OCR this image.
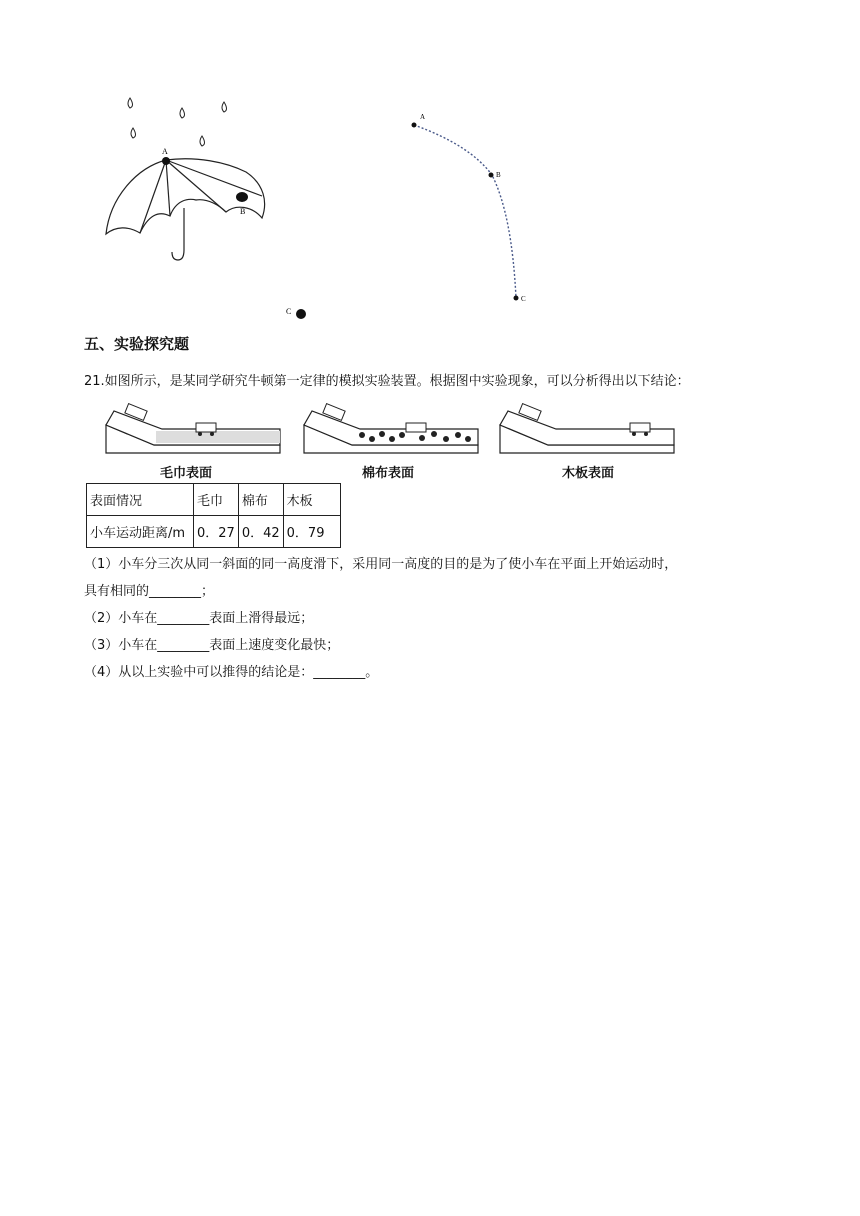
A
B
C
A
B
C
五、实验探究题
21.如图所示，是某同学研究牛顿第一定律的模拟实验装置。根据图中实验现象，可以分析得出以下结论：
毛巾表面	棉布表面	木板表面
表面情况	毛巾	棉布	木板
小车运动距离/m	0．27	0．42	0．79
（1）小车分三次从同一斜面的同一高度滑下，采用同一高度的目的是为了使小车在平面上开始运动时，
具有相同的________；
（2）小车在________表面上滑得最远；
（3）小车在________表面上速度变化最快；
（4）从以上实验中可以推得的结论是：________。
